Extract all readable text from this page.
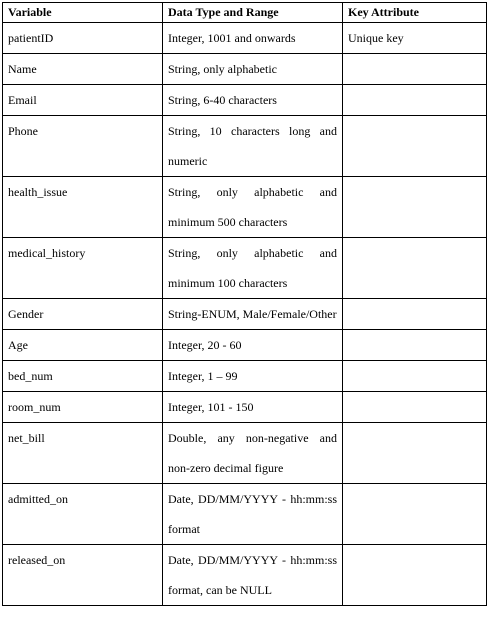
Variable	Data Type and Range	Key Attribute
patientID	Integer, 1001 and onwards	Unique key
Name	String, only alphabetic	
Email	String, 6-40 characters	
Phone	String, 10 characters long and numeric	
health_issue	String, only alphabetic and minimum 500 characters	
medical_history	String, only alphabetic and minimum 100 characters	
Gender	String-ENUM, Male/Female/Other	
Age	Integer, 20 - 60	
bed_num	Integer, 1 – 99	
room_num	Integer, 101 - 150	
net_bill	Double, any non-negative and non-zero decimal figure	
admitted_on	Date, DD/MM/YYYY - hh:mm:ss format	
released_on	Date, DD/MM/YYYY - hh:mm:ss format, can be NULL	
